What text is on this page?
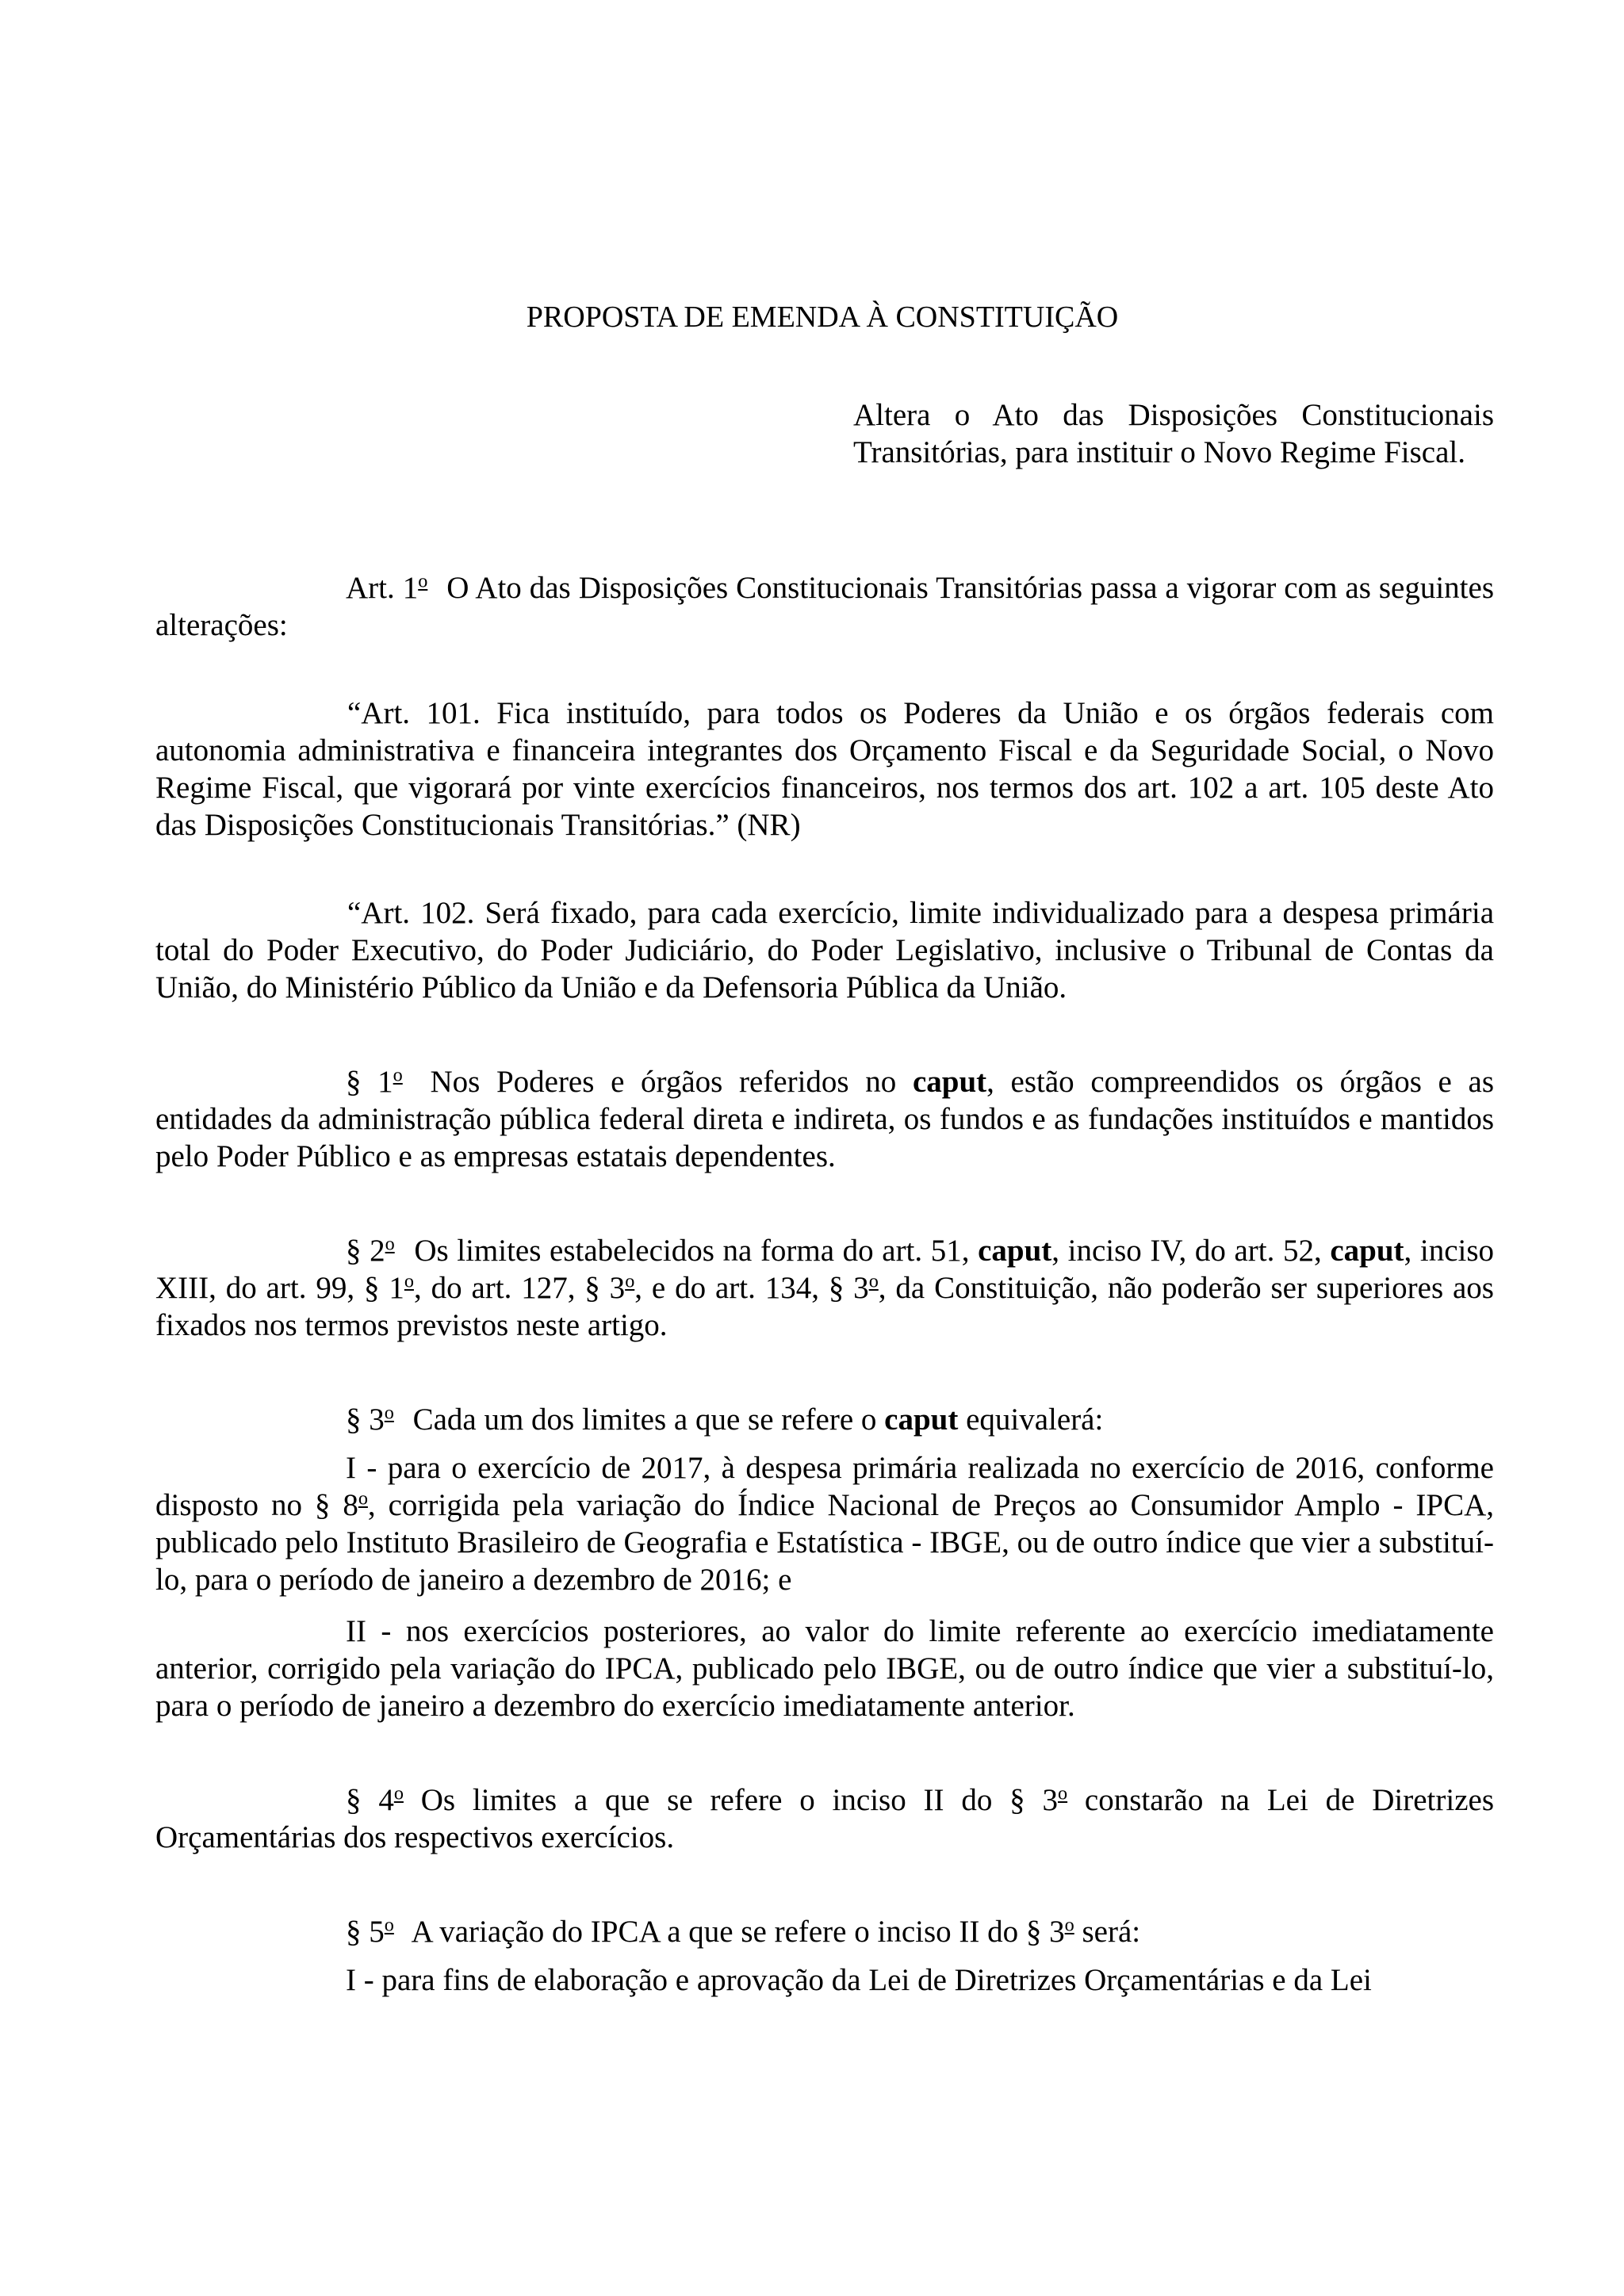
PROPOSTA DE EMENDA À CONSTITUIÇÃO
Altera o Ato das Disposições Constitucionais Transitórias, para instituir o Novo Regime Fiscal.

Art. 1$^o$ O Ato das Disposições Constitucionais Transitórias passa a vigorar com as seguintes alterações:

“Art. 101. Fica instituído, para todos os Poderes da União e os órgãos federais com autonomia administrativa e financeira integrantes dos Orçamento Fiscal e da Seguridade Social, o Novo Regime Fiscal, que vigorará por vinte exercícios financeiros, nos termos dos art. 102 a art. 105 deste Ato das Disposições Constitucionais Transitórias.” (NR)

“Art. 102. Será fixado, para cada exercício, limite individualizado para a despesa primária total do Poder Executivo, do Poder Judiciário, do Poder Legislativo, inclusive o Tribunal de Contas da União, do Ministério Público da União e da Defensoria Pública da União.

§ 1$^o$ Nos Poderes e órgãos referidos no caput, estão compreendidos os órgãos e as entidades da administração pública federal direta e indireta, os fundos e as fundações instituídos e mantidos pelo Poder Público e as empresas estatais dependentes.

§ 2$^o$ Os limites estabelecidos na forma do art. 51, caput, inciso IV, do art. 52, caput, inciso XIII, do art. 99, § 1$^o$, do art. 127, § 3$^o$, e do art. 134, § 3$^o$, da Constituição, não poderão ser superiores aos fixados nos termos previstos neste artigo.

§ 3$^o$ Cada um dos limites a que se refere o caput equivalerá:

I - para o exercício de 2017, à despesa primária realizada no exercício de 2016, conforme disposto no § 8$^o$, corrigida pela variação do Índice Nacional de Preços ao Consumidor Amplo - IPCA, publicado pelo Instituto Brasileiro de Geografia e Estatística - IBGE, ou de outro índice que vier a substituí-lo, para o período de janeiro a dezembro de 2016; e

II - nos exercícios posteriores, ao valor do limite referente ao exercício imediatamente anterior, corrigido pela variação do IPCA, publicado pelo IBGE, ou de outro índice que vier a substituí-lo, para o período de janeiro a dezembro do exercício imediatamente anterior.

§ 4$^o$ Os limites a que se refere o inciso II do § 3$^o$ constarão na Lei de Diretrizes Orçamentárias dos respectivos exercícios.

§ 5$^o$ A variação do IPCA a que se refere o inciso II do § 3$^o$ será:

I - para fins de elaboração e aprovação da Lei de Diretrizes Orçamentárias e da Lei
